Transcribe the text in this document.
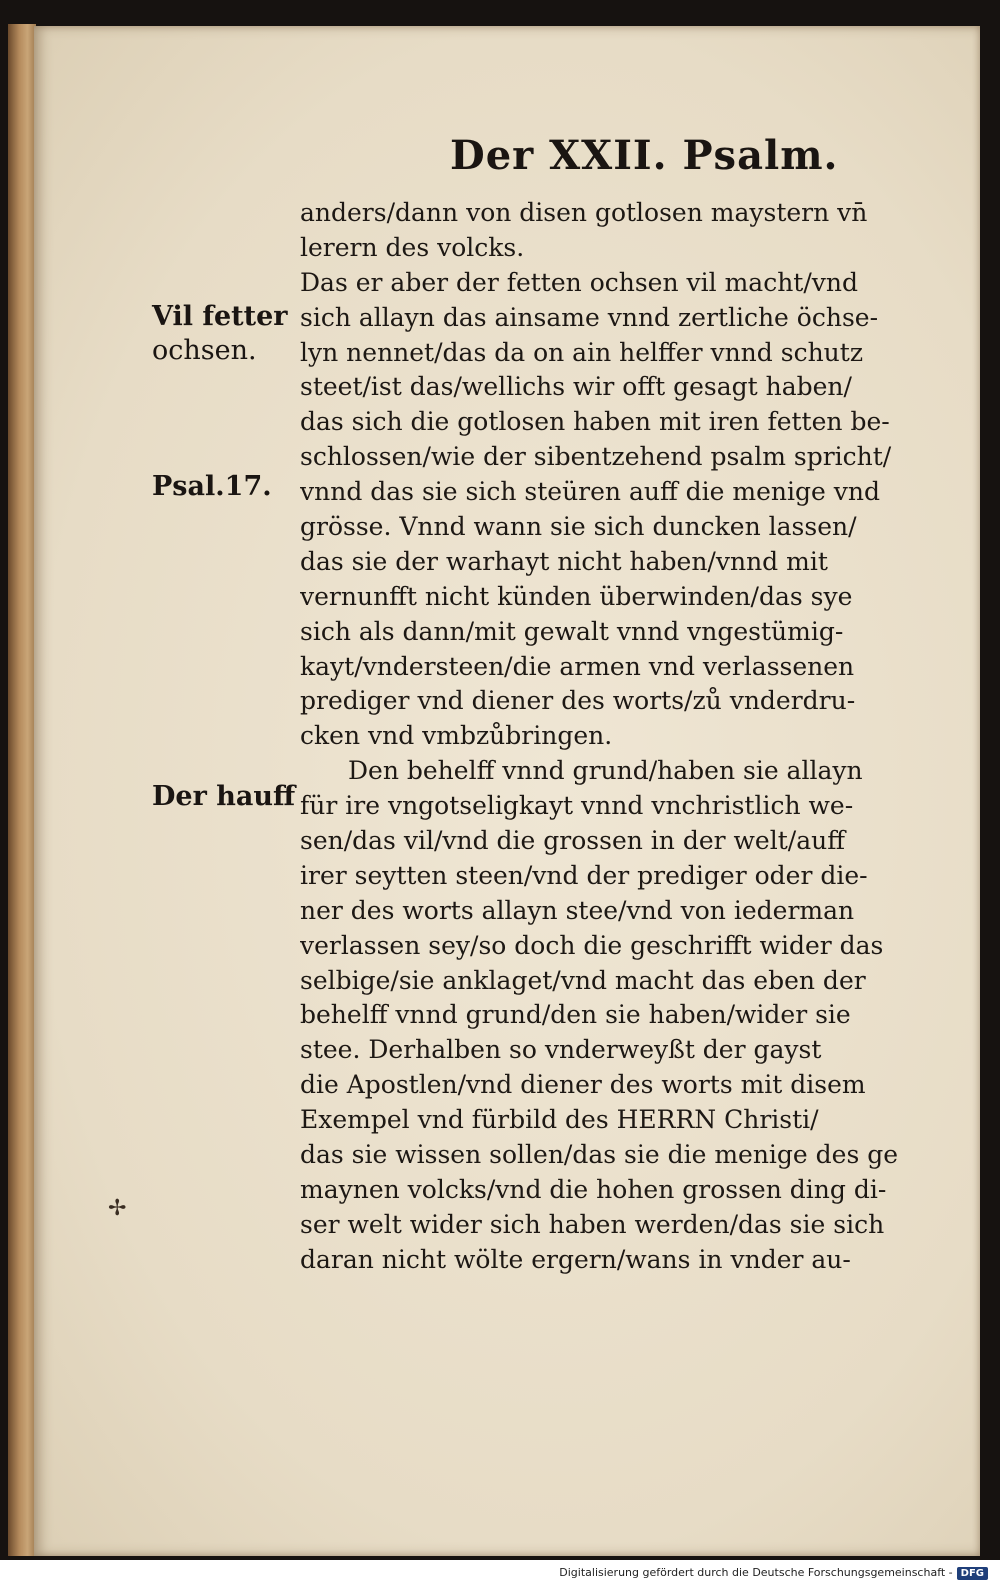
Der XXII. Psalm.
Vil fetter
ochsen.
Psal.17.
Der hauff
anders/dann von disen gotlosen maystern vn̄
lerern des volcks.
Das er aber der fetten ochsen vil macht/vnd
sich allayn das ainsame vnnd zertliche öchse-
lyn nennet/das da on ain helffer vnnd schutz
steet/ist das/wellichs wir offt gesagt haben/
das sich die gotlosen haben mit iren fetten be-
schlossen/wie der sibentzehend psalm spricht/
vnnd das sie sich steüren auff die menige vnd
grösse. Vnnd wann sie sich duncken lassen/
das sie der warhayt nicht haben/vnnd mit
vernunfft nicht künden überwinden/das sye
sich als dann/mit gewalt vnnd vngestümig-
kayt/vndersteen/die armen vnd verlassenen
prediger vnd diener des worts/zů vnderdru-
cken vnd vmbzůbringen.
Den behelff vnnd grund/haben sie allayn
für ire vngotseligkayt vnnd vnchristlich we-
sen/das vil/vnd die grossen in der welt/auff
irer seytten steen/vnd der prediger oder die-
ner des worts allayn stee/vnd von iederman
verlassen sey/so doch die geschrifft wider das
selbige/sie anklaget/vnd macht das eben der
behelff vnnd grund/den sie haben/wider sie
stee. Derhalben so vnderweyßt der gayst
die Apostlen/vnd diener des worts mit disem
Exempel vnd fürbild des HERRN Christi/
das sie wissen sollen/das sie die menige des ge
maynen volcks/vnd die hohen grossen ding di-
ser welt wider sich haben werden/das sie sich
daran nicht wölte ergern/wans in vnder au-
✢
Digitalisierung gefördert durch die Deutsche Forschungsgemeinschaft - DFG
